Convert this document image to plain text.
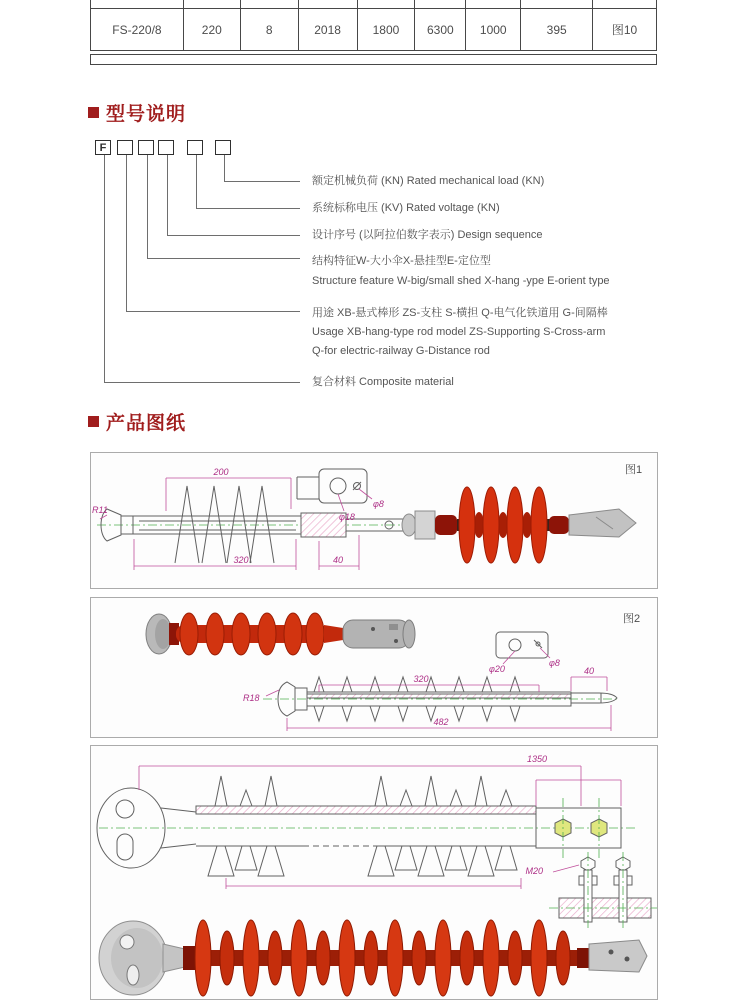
FS-220/8	220	8	2018	1800	6300	1000	395	图10
型号说明
F
额定机械负荷 (KN) Rated mechanical load (KN)
系统标称电压 (KV) Rated voltage (KN)
设计序号 (以阿拉伯数字表示) Design sequence
结构特征W-大小伞X-悬挂型E-定位型
Structure feature W-big/small shed X-hang -ype E-orient type
用途 XB-悬式棒形 ZS-支柱 S-横担 Q-电气化铁道用 G-间隔棒
Usage XB-hang-type rod model ZS-Supporting S-Cross-arm
Q-for electric-railway G-Distance rod
复合材料 Composite material
产品图纸
200
320	40
R11
φ18
φ8
图1
320
482
40
R18
φ20
φ8
图2
1350
M20
